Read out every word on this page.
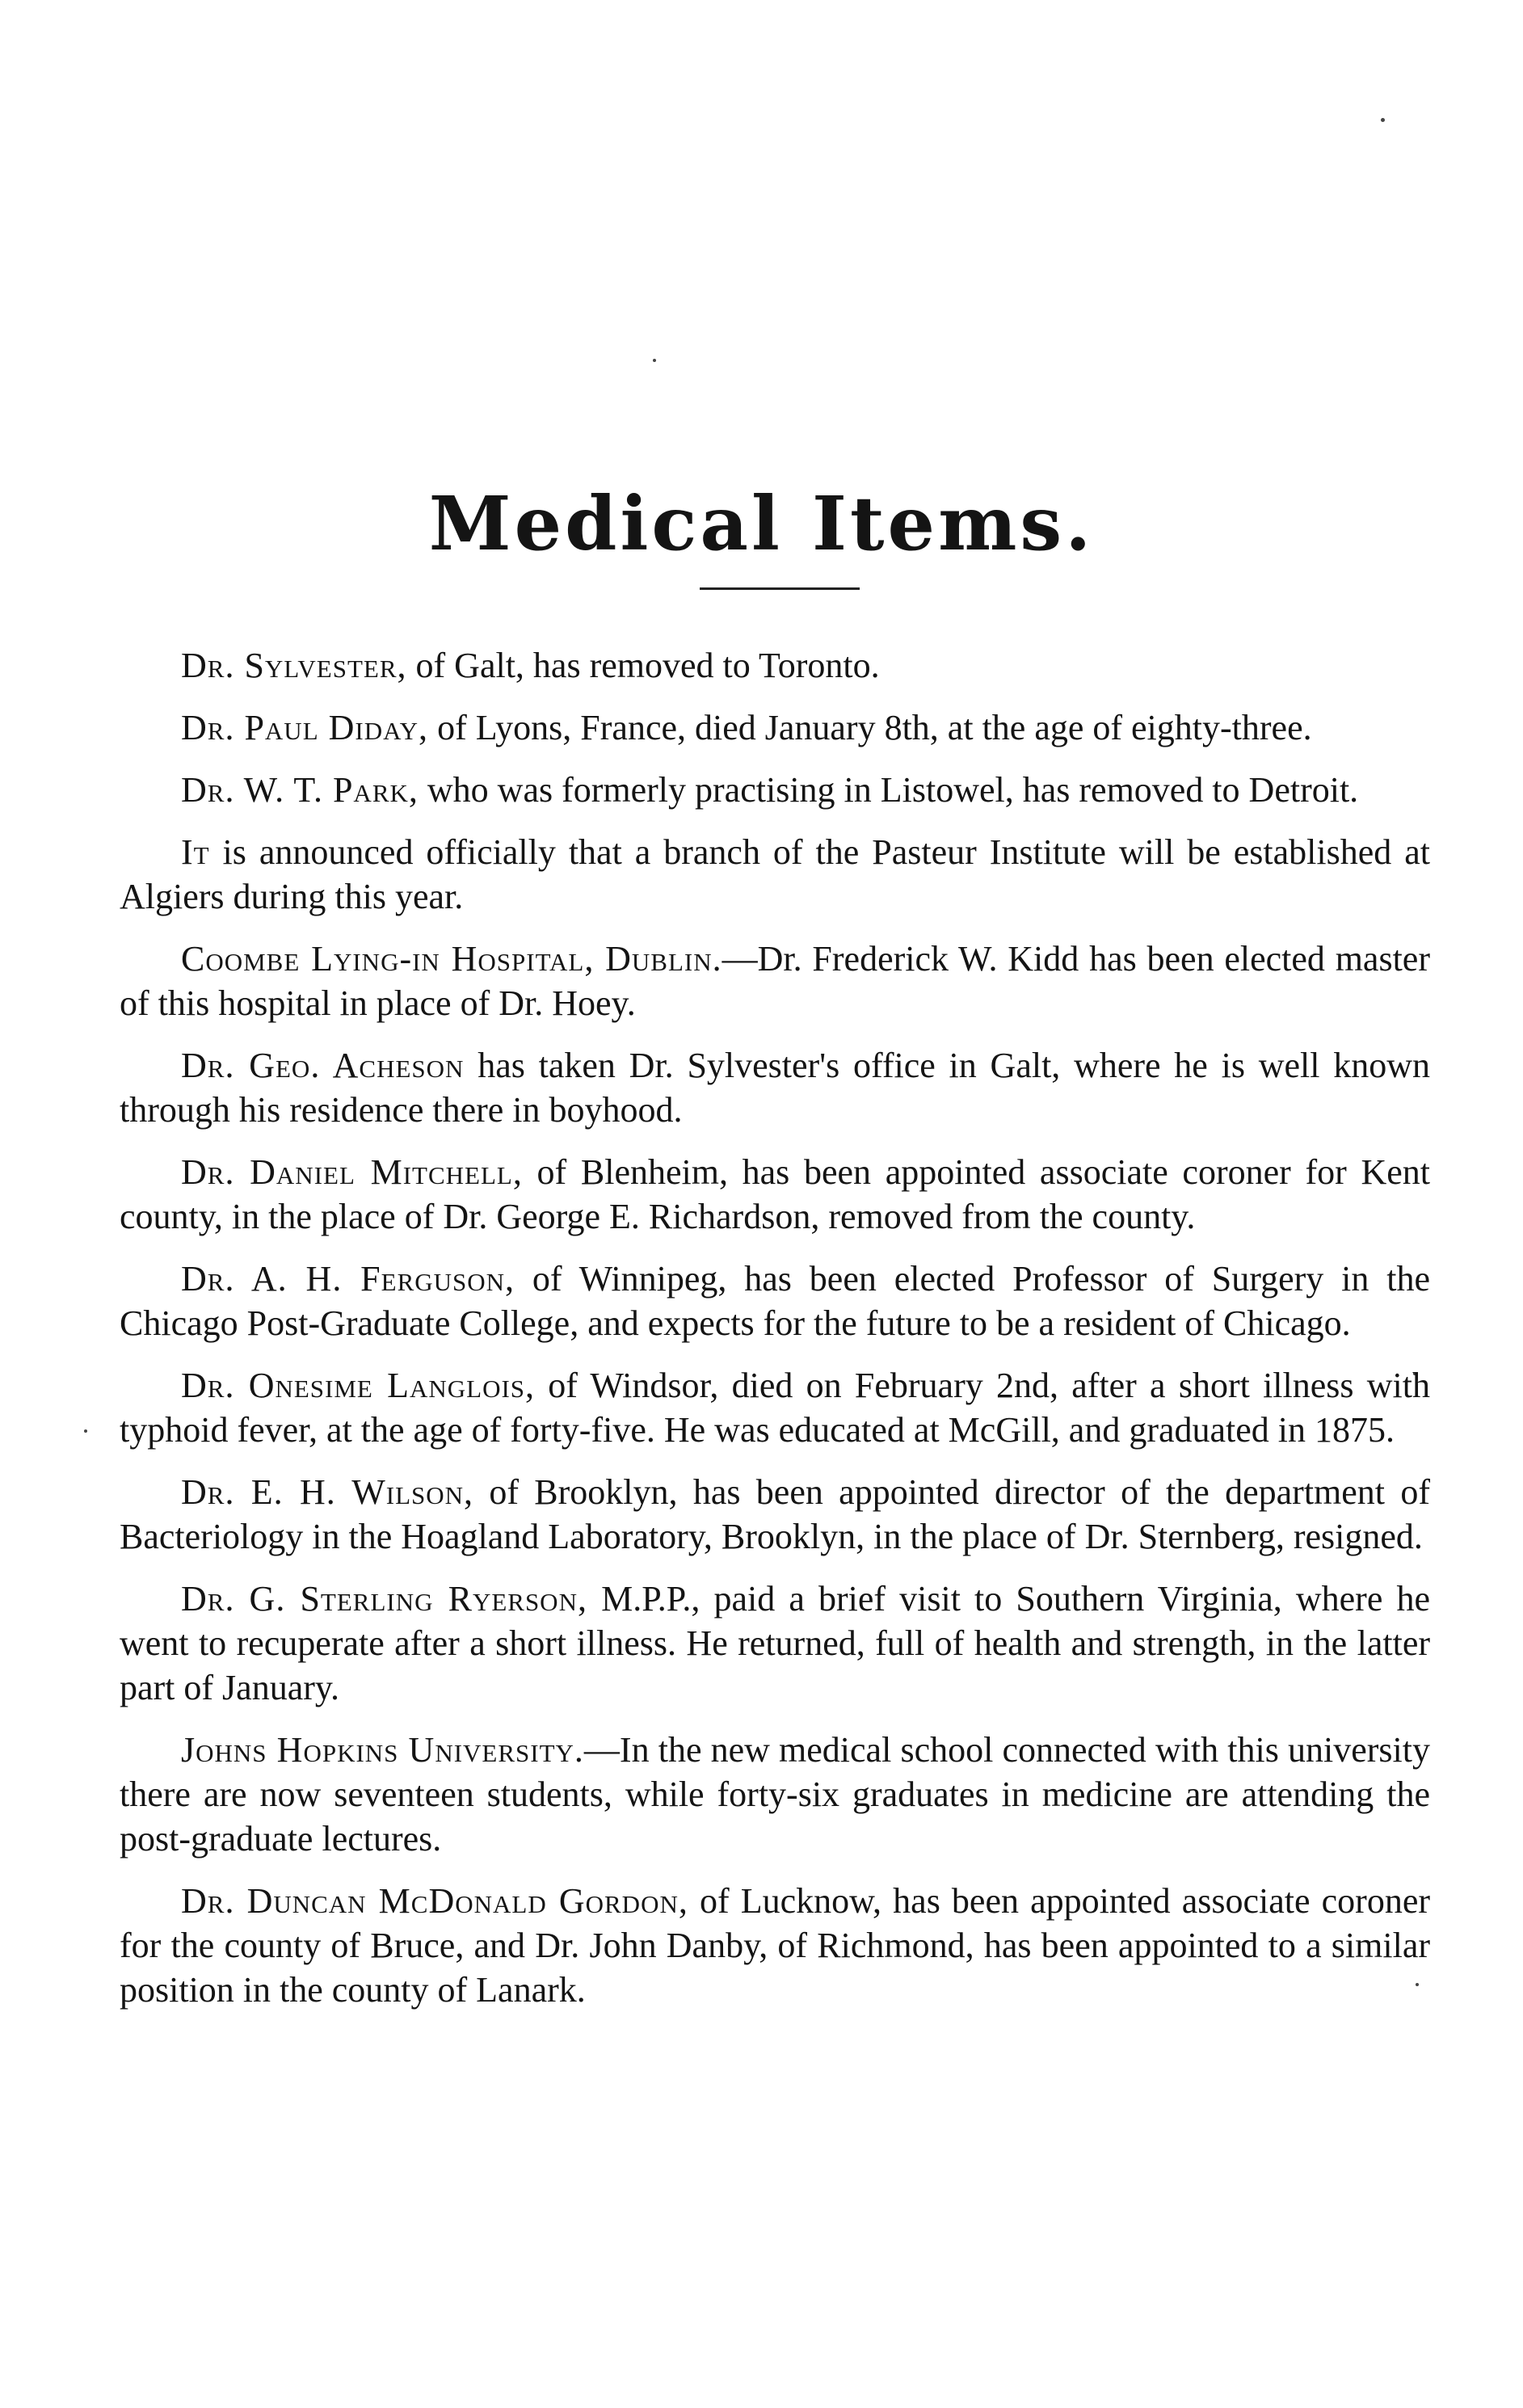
Medical Items.

Dr. Sylvester, of Galt, has removed to Toronto.

Dr. Paul Diday, of Lyons, France, died January 8th, at the age of eighty-three.

Dr. W. T. Park, who was formerly practising in Listowel, has removed to Detroit.

It is announced officially that a branch of the Pasteur Institute will be established at Algiers during this year.

Coombe Lying-in Hospital, Dublin.—Dr. Frederick W. Kidd has been elected master of this hospital in place of Dr. Hoey.

Dr. Geo. Acheson has taken Dr. Sylvester's office in Galt, where he is well known through his residence there in boyhood.

Dr. Daniel Mitchell, of Blenheim, has been appointed associate coroner for Kent county, in the place of Dr. George E. Richardson, removed from the county.

Dr. A. H. Ferguson, of Winnipeg, has been elected Professor of Surgery in the Chicago Post-Graduate College, and expects for the future to be a resident of Chicago.

Dr. Onesime Langlois, of Windsor, died on February 2nd, after a short illness with typhoid fever, at the age of forty-five. He was educated at McGill, and graduated in 1875.

Dr. E. H. Wilson, of Brooklyn, has been appointed director of the department of Bacteriology in the Hoagland Laboratory, Brooklyn, in the place of Dr. Sternberg, resigned.

Dr. G. Sterling Ryerson, M.P.P., paid a brief visit to Southern Virginia, where he went to recuperate after a short illness. He returned, full of health and strength, in the latter part of January.

Johns Hopkins University.—In the new medical school connected with this university there are now seventeen students, while forty-six graduates in medicine are attending the post-graduate lectures.

Dr. Duncan McDonald Gordon, of Lucknow, has been appointed associate coroner for the county of Bruce, and Dr. John Danby, of Richmond, has been appointed to a similar position in the county of Lanark.
